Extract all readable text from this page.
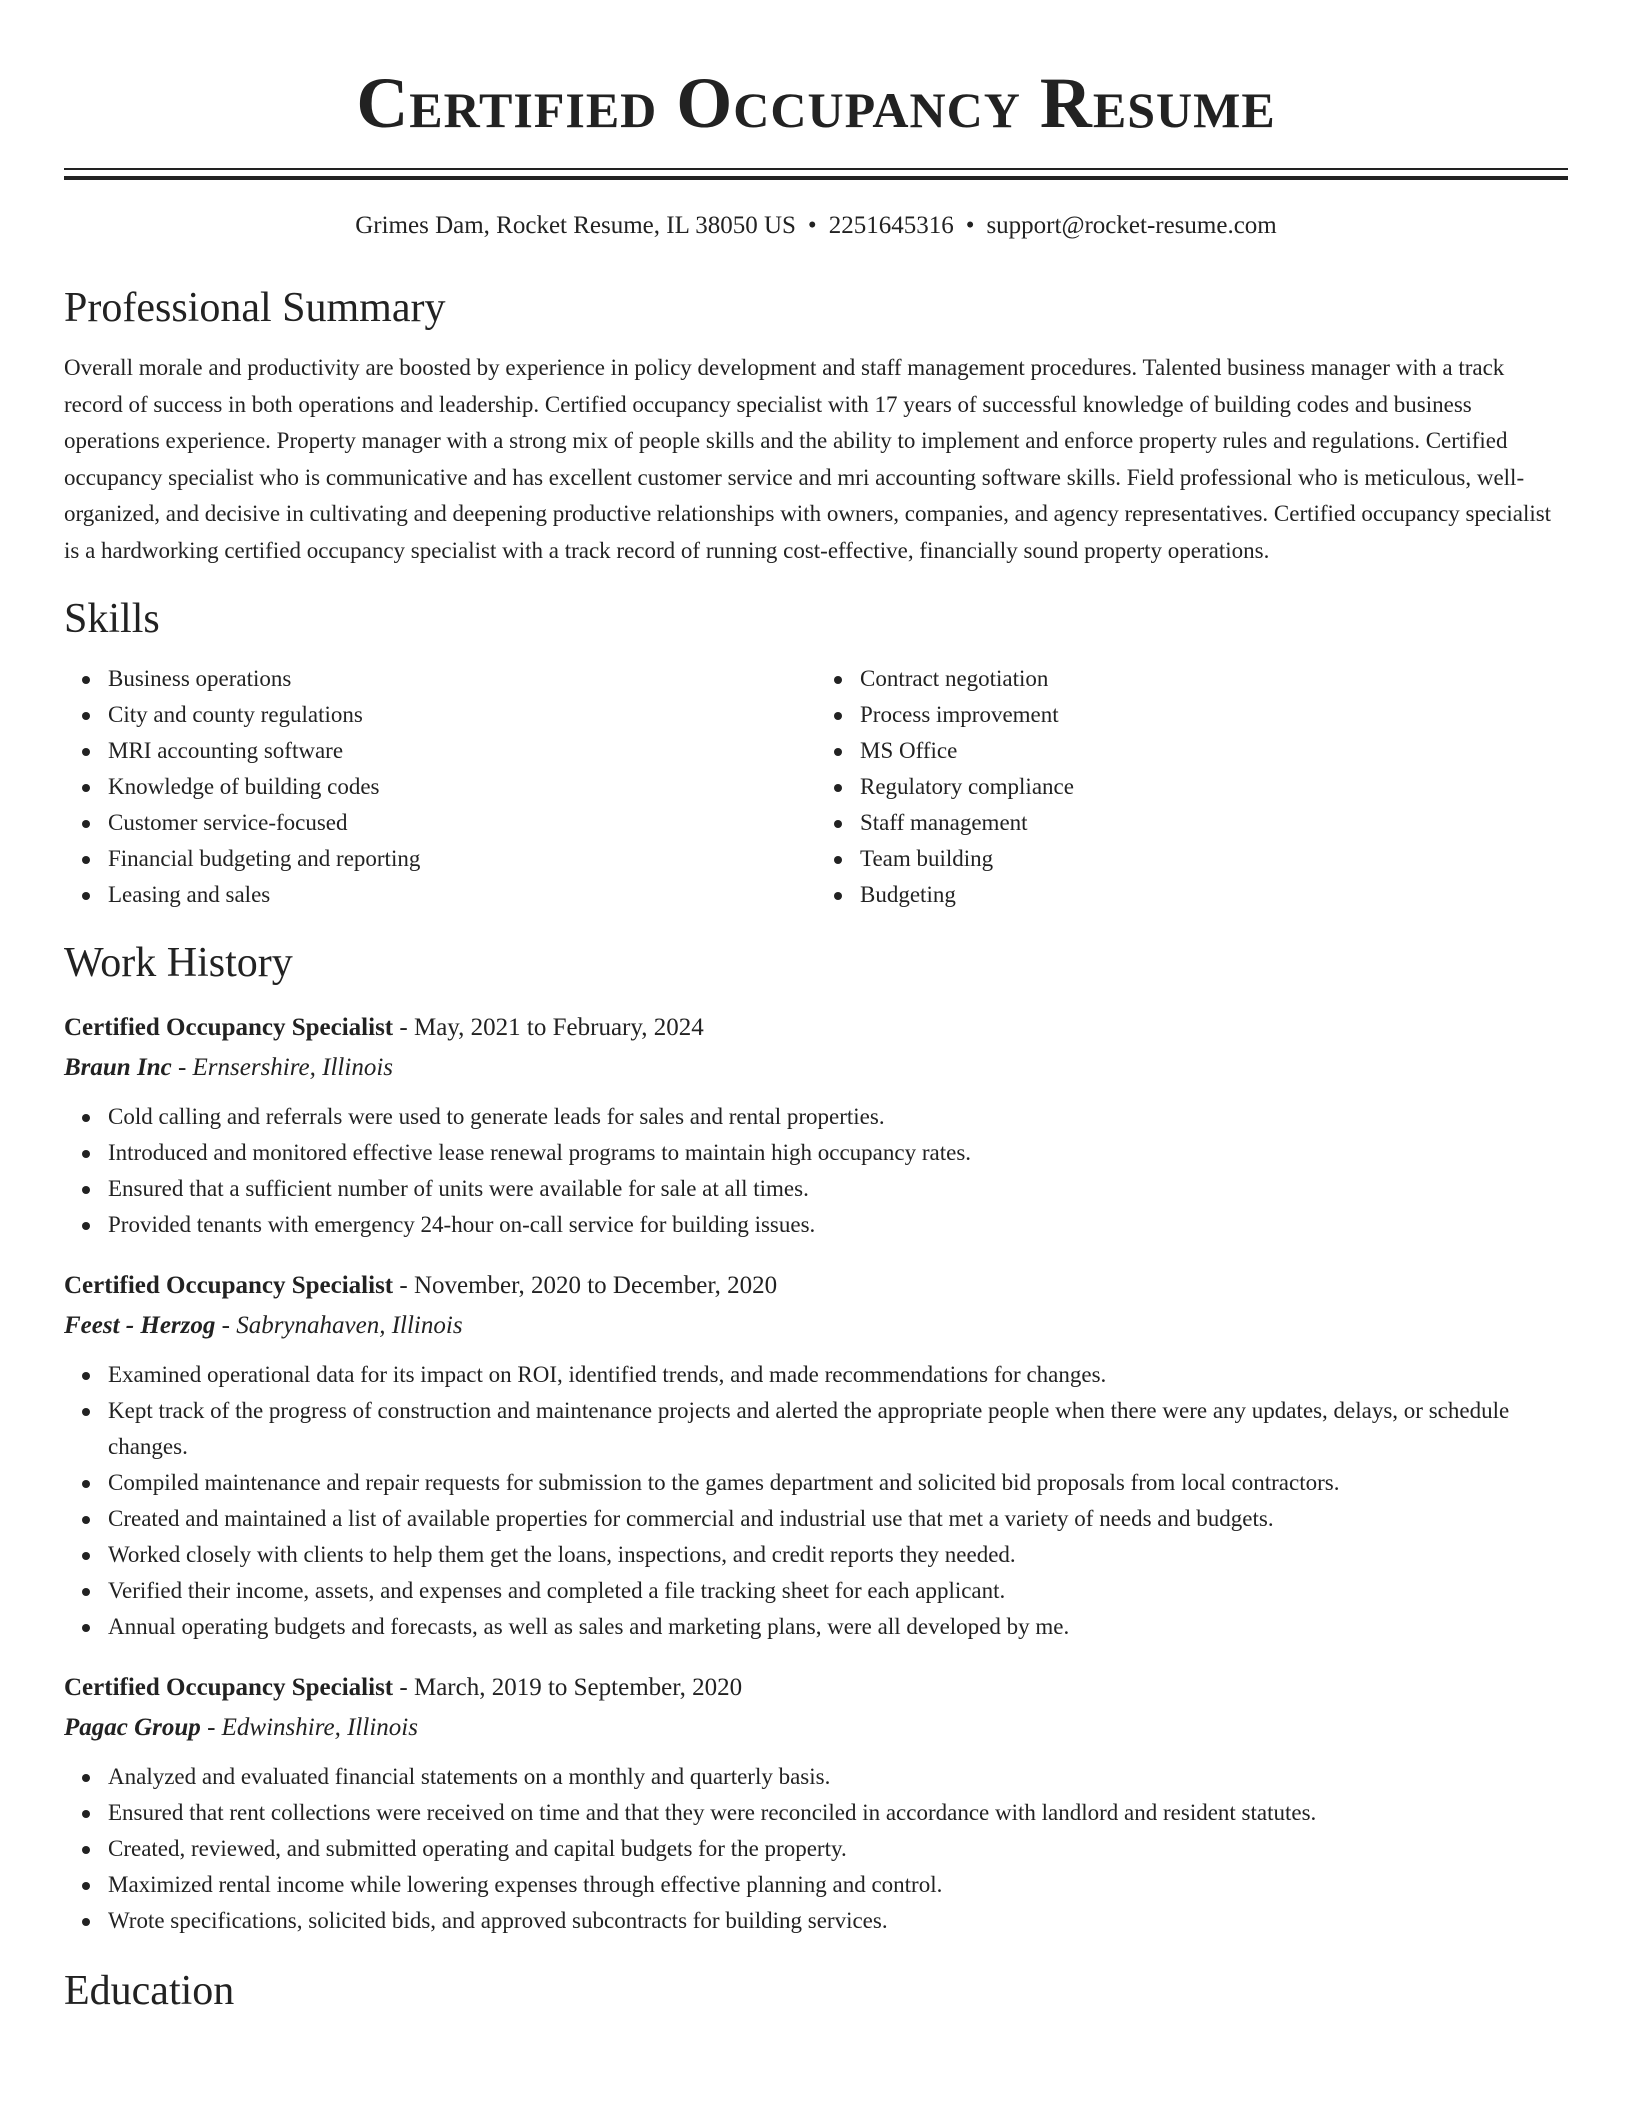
Certified Occupancy Resume
Grimes Dam, Rocket Resume, IL 38050 US • 2251645316 • support@rocket-resume.com
Professional Summary
Overall morale and productivity are boosted by experience in policy development and staff management procedures. Talented business manager with a track record of success in both operations and leadership. Certified occupancy specialist with 17 years of successful knowledge of building codes and business operations experience. Property manager with a strong mix of people skills and the ability to implement and enforce property rules and regulations. Certified occupancy specialist who is communicative and has excellent customer service and mri accounting software skills. Field professional who is meticulous, well-organized, and decisive in cultivating and deepening productive relationships with owners, companies, and agency representatives. Certified occupancy specialist is a hardworking certified occupancy specialist with a track record of running cost-effective, financially sound property operations.
Skills
Business operations
City and county regulations
MRI accounting software
Knowledge of building codes
Customer service-focused
Financial budgeting and reporting
Leasing and sales
Contract negotiation
Process improvement
MS Office
Regulatory compliance
Staff management
Team building
Budgeting
Work History
Certified Occupancy Specialist - May, 2021 to February, 2024
Braun Inc - Ernsershire, Illinois
Cold calling and referrals were used to generate leads for sales and rental properties.
Introduced and monitored effective lease renewal programs to maintain high occupancy rates.
Ensured that a sufficient number of units were available for sale at all times.
Provided tenants with emergency 24-hour on-call service for building issues.
Certified Occupancy Specialist - November, 2020 to December, 2020
Feest - Herzog - Sabrynahaven, Illinois
Examined operational data for its impact on ROI, identified trends, and made recommendations for changes.
Kept track of the progress of construction and maintenance projects and alerted the appropriate people when there were any updates, delays, or schedule changes.
Compiled maintenance and repair requests for submission to the games department and solicited bid proposals from local contractors.
Created and maintained a list of available properties for commercial and industrial use that met a variety of needs and budgets.
Worked closely with clients to help them get the loans, inspections, and credit reports they needed.
Verified their income, assets, and expenses and completed a file tracking sheet for each applicant.
Annual operating budgets and forecasts, as well as sales and marketing plans, were all developed by me.
Certified Occupancy Specialist - March, 2019 to September, 2020
Pagac Group - Edwinshire, Illinois
Analyzed and evaluated financial statements on a monthly and quarterly basis.
Ensured that rent collections were received on time and that they were reconciled in accordance with landlord and resident statutes.
Created, reviewed, and submitted operating and capital budgets for the property.
Maximized rental income while lowering expenses through effective planning and control.
Wrote specifications, solicited bids, and approved subcontracts for building services.
Education
